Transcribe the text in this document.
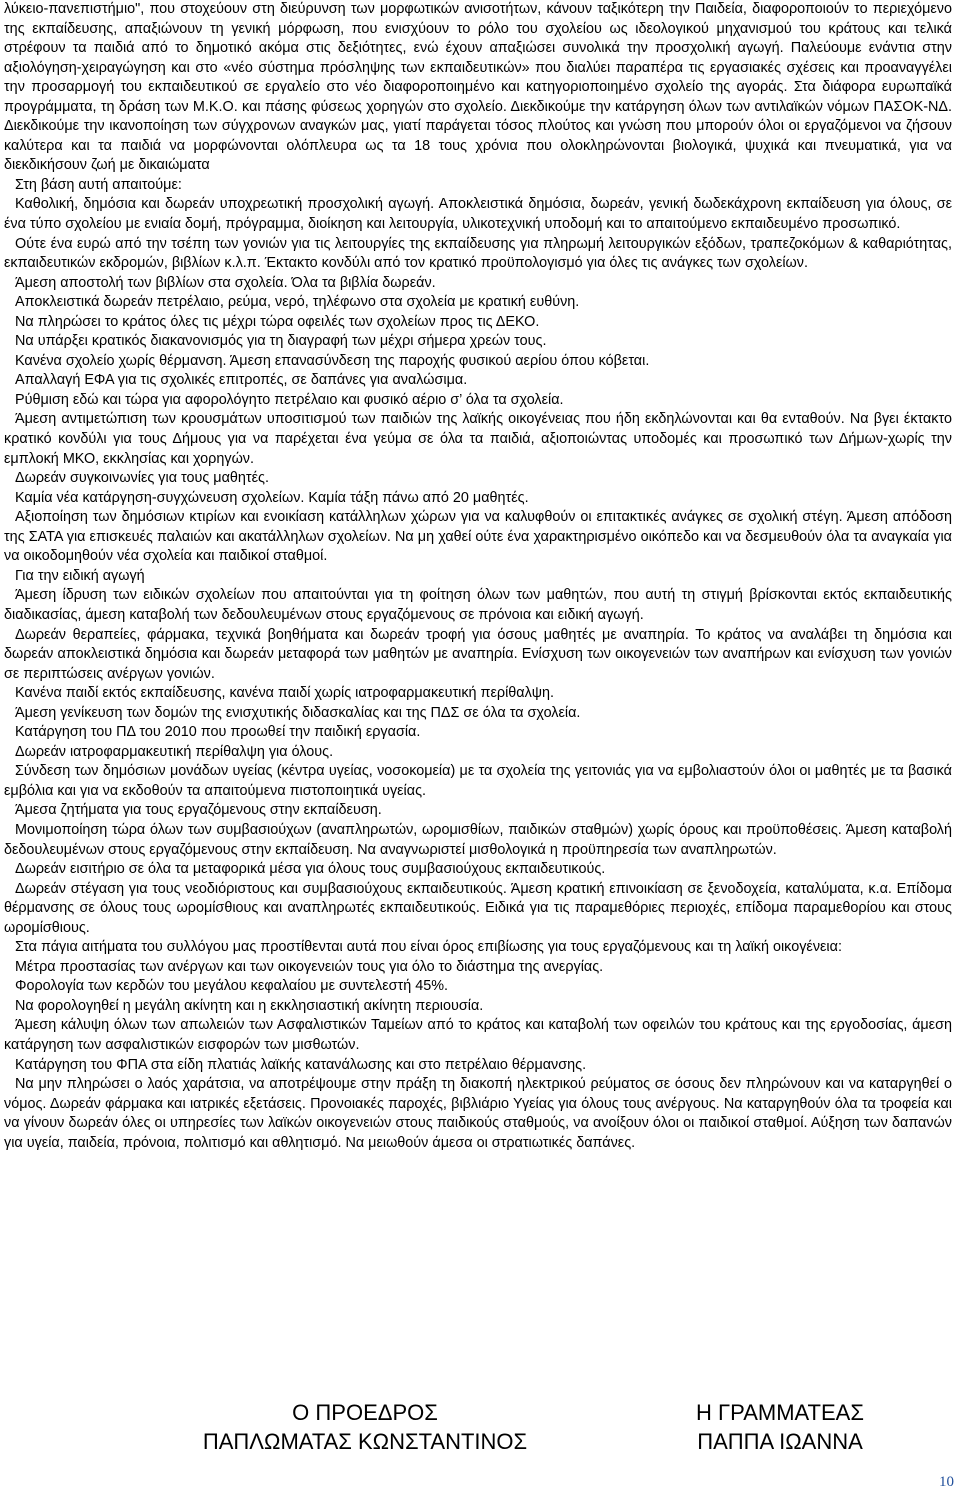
λύκειο-πανεπιστήμιο", που στοχεύουν στη διεύρυνση των μορφωτικών ανισοτήτων, κάνουν ταξικότερη την Παιδεία, διαφοροποιούν το περιεχόμενο της εκπαίδευσης, απαξιώνουν τη γενική μόρφωση, που ενισχύουν το ρόλο του σχολείου ως ιδεολογικού μηχανισμού του κράτους και τελικά στρέφουν τα παιδιά από το δημοτικό ακόμα στις δεξιότητες, ενώ έχουν απαξιώσει συνολικά την προσχολική αγωγή. Παλεύουμε ενάντια στην αξιολόγηση-χειραγώγηση και στο «νέο σύστημα πρόσληψης των εκπαιδευτικών» που διαλύει παραπέρα τις εργασιακές σχέσεις και προαναγγέλει την προσαρμογή του εκπαιδευτικού σε εργαλείο στο νέο διαφοροποιημένο και κατηγοριοποιημένο σχολείο της αγοράς. Στα διάφορα ευρωπαϊκά προγράμματα, τη δράση των Μ.Κ.Ο. και πάσης φύσεως χορηγών στο σχολείο. Διεκδικούμε την κατάργηση όλων των αντιλαϊκών νόμων ΠΑΣΟΚ-ΝΔ. Διεκδικούμε την ικανοποίηση των σύγχρονων αναγκών μας, γιατί παράγεται τόσος πλούτος και γνώση που μπορούν όλοι οι εργαζόμενοι να ζήσουν καλύτερα και τα παιδιά να μορφώνονται ολόπλευρα ως τα 18 τους χρόνια που ολοκληρώνονται βιολογικά, ψυχικά και πνευματικά, για να διεκδικήσουν ζωή με δικαιώματα

Στη βάση αυτή απαιτούμε:

Καθολική, δημόσια και δωρεάν υποχρεωτική προσχολική αγωγή. Αποκλειστικά δημόσια, δωρεάν, γενική δωδεκάχρονη εκπαίδευση για όλους, σε ένα τύπο σχολείου με ενιαία δομή, πρόγραμμα, διοίκηση και λειτουργία, υλικοτεχνική υποδομή και το απαιτούμενο εκπαιδευμένο προσωπικό.

Ούτε ένα ευρώ από την τσέπη των γονιών για τις λειτουργίες της εκπαίδευσης για πληρωμή λειτουργικών εξόδων, τραπεζοκόμων & καθαριότητας, εκπαιδευτικών εκδρομών, βιβλίων κ.λ.π. Έκτακτο κονδύλι από τον κρατικό προϋπολογισμό για όλες τις ανάγκες των σχολείων.

Άμεση αποστολή των βιβλίων στα σχολεία. Όλα τα βιβλία δωρεάν.

Αποκλειστικά δωρεάν πετρέλαιο, ρεύμα, νερό, τηλέφωνο στα σχολεία με κρατική ευθύνη.

Να πληρώσει το κράτος όλες τις μέχρι τώρα οφειλές των σχολείων προς τις ΔΕΚΟ.

Να υπάρξει κρατικός διακανονισμός για τη διαγραφή των μέχρι σήμερα χρεών τους.

Κανένα σχολείο χωρίς θέρμανση. Άμεση επανασύνδεση της παροχής φυσικού αερίου όπου κόβεται.

Απαλλαγή ΕΦΑ για τις σχολικές επιτροπές, σε δαπάνες για αναλώσιμα.

Ρύθμιση εδώ και τώρα για αφορολόγητο πετρέλαιο και φυσικό αέριο σ’ όλα τα σχολεία.

Άμεση αντιμετώπιση των κρουσμάτων υποσιτισμού των παιδιών της λαϊκής οικογένειας που ήδη εκδηλώνονται και θα ενταθούν. Να βγει έκτακτο κρατικό κονδύλι για τους Δήμους για να παρέχεται ένα γεύμα σε όλα τα παιδιά, αξιοποιώντας υποδομές και προσωπικό των Δήμων-χωρίς την εμπλοκή ΜΚΟ, εκκλησίας και χορηγών.

Δωρεάν συγκοινωνίες για τους μαθητές.

Καμία νέα κατάργηση-συγχώνευση σχολείων. Καμία τάξη πάνω από 20 μαθητές.

Αξιοποίηση των δημόσιων κτιρίων και ενοικίαση κατάλληλων χώρων για να καλυφθούν οι επιτακτικές ανάγκες σε σχολική στέγη. Άμεση απόδοση της ΣΑΤΑ για επισκευές παλαιών και ακατάλληλων σχολείων. Να μη χαθεί ούτε ένα χαρακτηρισμένο οικόπεδο και να δεσμευθούν όλα τα αναγκαία για να οικοδομηθούν νέα σχολεία και παιδικοί σταθμοί.

Για την ειδική αγωγή

Άμεση ίδρυση των ειδικών σχολείων που απαιτούνται για τη φοίτηση όλων των μαθητών, που αυτή τη στιγμή βρίσκονται εκτός εκπαιδευτικής διαδικασίας, άμεση καταβολή των δεδουλευμένων στους εργαζόμενους σε πρόνοια και ειδική αγωγή.

Δωρεάν θεραπείες, φάρμακα, τεχνικά βοηθήματα και δωρεάν τροφή για όσους μαθητές με αναπηρία. Το κράτος να αναλάβει τη δημόσια και δωρεάν αποκλειστικά δημόσια και δωρεάν μεταφορά των μαθητών με αναπηρία. Ενίσχυση των οικογενειών των αναπήρων και ενίσχυση των γονιών σε περιπτώσεις ανέργων γονιών.

Κανένα παιδί εκτός εκπαίδευσης, κανένα παιδί χωρίς ιατροφαρμακευτική περίθαλψη.

Άμεση γενίκευση των δομών της ενισχυτικής διδασκαλίας και της ΠΔΣ σε όλα τα σχολεία.

Κατάργηση του ΠΔ του 2010 που προωθεί την παιδική εργασία.

Δωρεάν ιατροφαρμακευτική περίθαλψη για όλους.

Σύνδεση των δημόσιων μονάδων υγείας (κέντρα υγείας, νοσοκομεία) με τα σχολεία της γειτονιάς για να εμβολιαστούν όλοι οι μαθητές με τα βασικά εμβόλια και για να εκδοθούν τα απαιτούμενα πιστοποιητικά υγείας.

Άμεσα ζητήματα για τους εργαζόμενους στην εκπαίδευση.

Μονιμοποίηση τώρα όλων των συμβασιούχων (αναπληρωτών, ωρομισθίων, παιδικών σταθμών) χωρίς όρους και προϋποθέσεις. Άμεση καταβολή δεδουλευμένων στους εργαζόμενους στην εκπαίδευση. Να αναγνωριστεί μισθολογικά η προϋπηρεσία των αναπληρωτών.

Δωρεάν εισιτήριο σε όλα τα μεταφορικά μέσα για όλους τους συμβασιούχους εκπαιδευτικούς.

Δωρεάν στέγαση για τους νεοδιόριστους και συμβασιούχους εκπαιδευτικούς. Άμεση κρατική επινοικίαση σε ξενοδοχεία, καταλύματα, κ.α. Επίδομα θέρμανσης σε όλους τους ωρομίσθιους και αναπληρωτές εκπαιδευτικούς. Ειδικά για τις παραμεθόριες περιοχές, επίδομα παραμεθορίου και στους ωρομίσθιους.

Στα πάγια αιτήματα του συλλόγου μας προστίθενται αυτά που είναι όρος επιβίωσης για τους εργαζόμενους και τη λαϊκή οικογένεια:

Μέτρα προστασίας των ανέργων και των οικογενειών τους για όλο το διάστημα της ανεργίας.

Φορολογία των κερδών του μεγάλου κεφαλαίου με συντελεστή 45%.

Να φορολογηθεί η μεγάλη ακίνητη και η εκκλησιαστική ακίνητη περιουσία.

Άμεση κάλυψη όλων των απωλειών των Ασφαλιστικών Ταμείων από το κράτος και καταβολή των οφειλών του κράτους και της εργοδοσίας, άμεση κατάργηση των ασφαλιστικών εισφορών των μισθωτών.

Κατάργηση του ΦΠΑ στα είδη πλατιάς λαϊκής κατανάλωσης και στο πετρέλαιο θέρμανσης.

Να μην πληρώσει ο λαός χαράτσια, να αποτρέψουμε στην πράξη τη διακοπή ηλεκτρικού ρεύματος σε όσους δεν πληρώνουν και να καταργηθεί ο νόμος. Δωρεάν φάρμακα και ιατρικές εξετάσεις. Προνοιακές παροχές, βιβλιάριο Υγείας για όλους τους ανέργους. Να καταργηθούν όλα τα τροφεία και να γίνουν δωρεάν όλες οι υπηρεσίες των λαϊκών οικογενειών στους παιδικούς σταθμούς, να ανοίξουν όλοι οι παιδικοί σταθμοί. Αύξηση των δαπανών για υγεία, παιδεία, πρόνοια, πολιτισμό και αθλητισμό. Να μειωθούν άμεσα οι στρατιωτικές δαπάνες.

Ο ΠΡΟΕΔΡΟΣ
ΠΑΠΛΩΜΑΤΑΣ ΚΩΝΣΤΑΝΤΙΝΟΣ
Η ΓΡΑΜΜΑΤΕΑΣ
ΠΑΠΠΑ ΙΩΑΝΝΑ
10
